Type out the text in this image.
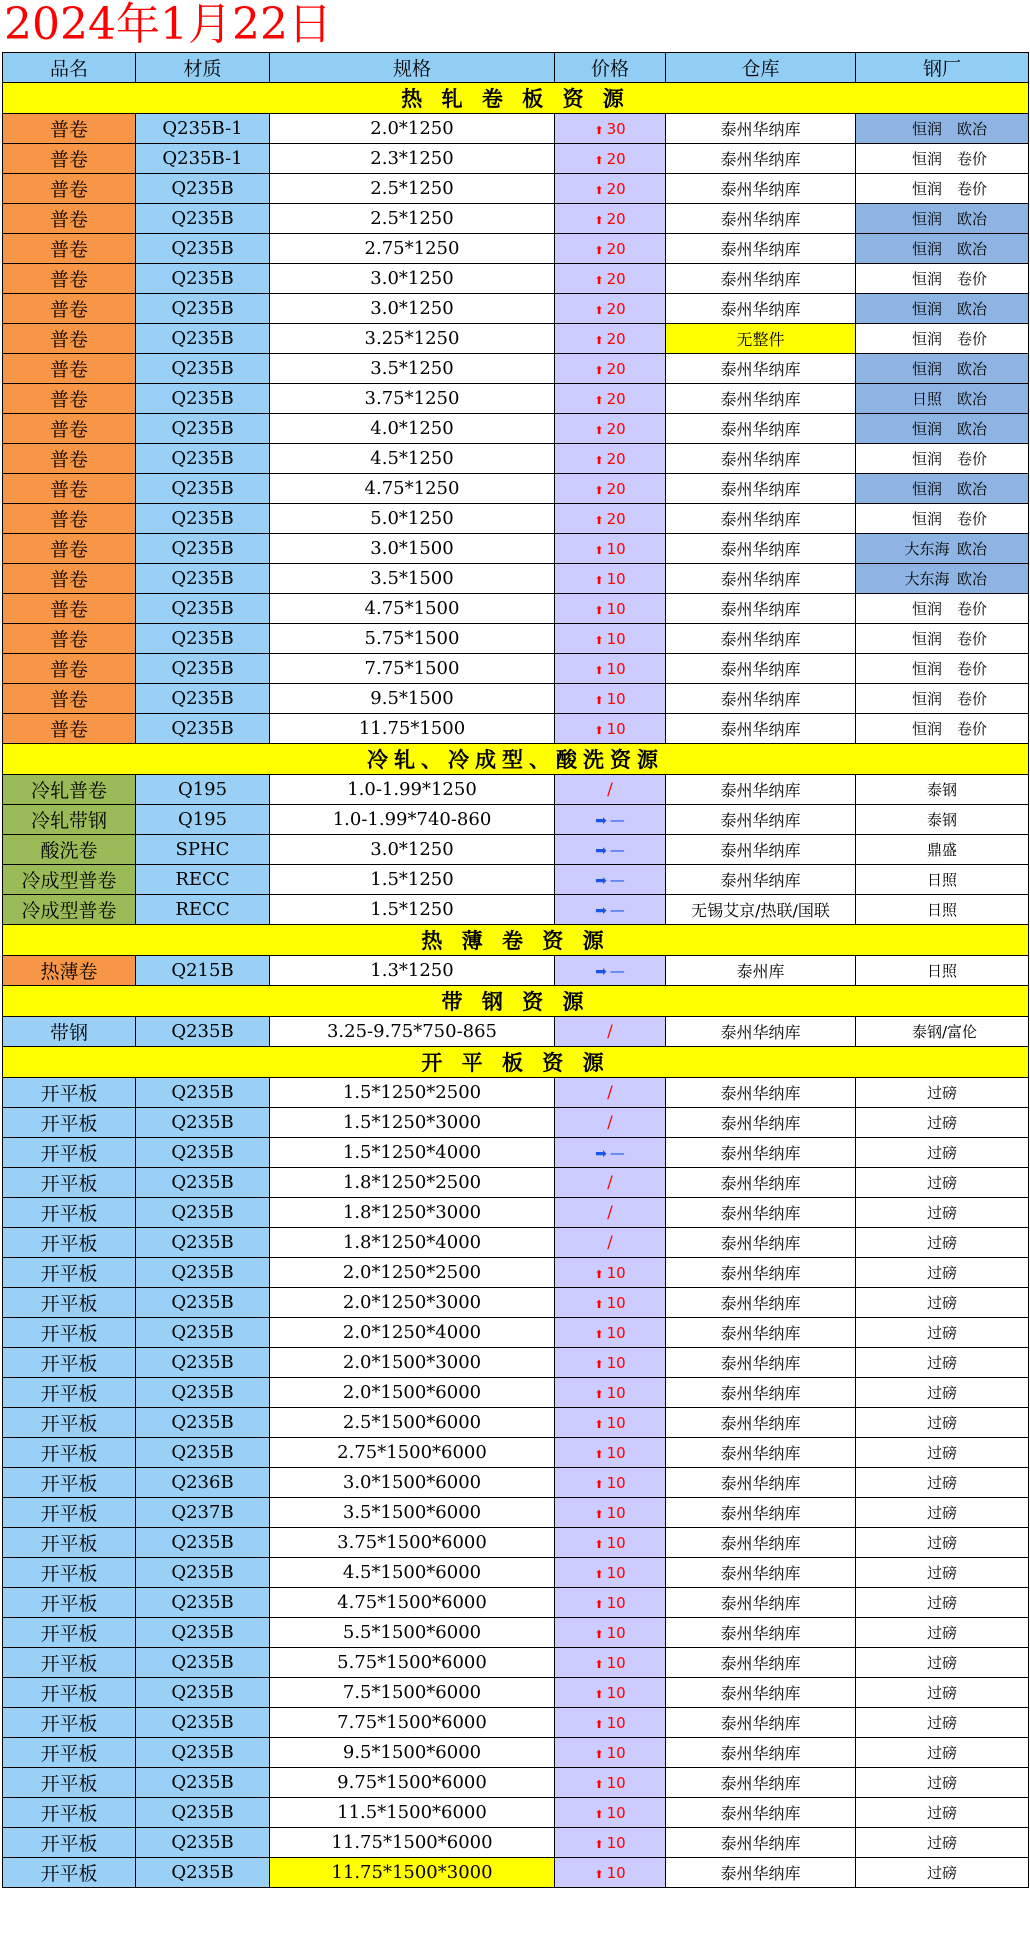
2024年1月22日
品名	材质	规格	价格	仓库	钢厂
热 轧 卷 板 资 源					
普卷	Q235B-1	2.0*1250	⬆ 30	泰州华纳库	恒润 欧冶
普卷	Q235B-1	2.3*1250	⬆ 20	泰州华纳库	恒润 卷价
普卷	Q235B	2.5*1250	⬆ 20	泰州华纳库	恒润 卷价
普卷	Q235B	2.5*1250	⬆ 20	泰州华纳库	恒润 欧冶
普卷	Q235B	2.75*1250	⬆ 20	泰州华纳库	恒润 欧冶
普卷	Q235B	3.0*1250	⬆ 20	泰州华纳库	恒润 卷价
普卷	Q235B	3.0*1250	⬆ 20	泰州华纳库	恒润 欧冶
普卷	Q235B	3.25*1250	⬆ 20	无整件	恒润 卷价
普卷	Q235B	3.5*1250	⬆ 20	泰州华纳库	恒润 欧冶
普卷	Q235B	3.75*1250	⬆ 20	泰州华纳库	日照 欧冶
普卷	Q235B	4.0*1250	⬆ 20	泰州华纳库	恒润 欧冶
普卷	Q235B	4.5*1250	⬆ 20	泰州华纳库	恒润 卷价
普卷	Q235B	4.75*1250	⬆ 20	泰州华纳库	恒润 欧冶
普卷	Q235B	5.0*1250	⬆ 20	泰州华纳库	恒润 卷价
普卷	Q235B	3.0*1500	⬆ 10	泰州华纳库	大东海 欧冶
普卷	Q235B	3.5*1500	⬆ 10	泰州华纳库	大东海 欧冶
普卷	Q235B	4.75*1500	⬆ 10	泰州华纳库	恒润 卷价
普卷	Q235B	5.75*1500	⬆ 10	泰州华纳库	恒润 卷价
普卷	Q235B	7.75*1500	⬆ 10	泰州华纳库	恒润 卷价
普卷	Q235B	9.5*1500	⬆ 10	泰州华纳库	恒润 卷价
普卷	Q235B	11.75*1500	⬆ 10	泰州华纳库	恒润 卷价
冷轧、冷成型、酸洗资源					
冷轧普卷	Q195	1.0-1.99*1250	/	泰州华纳库	泰钢
冷轧带钢	Q195	1.0-1.99*740-860	➡ —	泰州华纳库	泰钢
酸洗卷	SPHC	3.0*1250	➡ —	泰州华纳库	鼎盛
冷成型普卷	RECC	1.5*1250	➡ —	泰州华纳库	日照
冷成型普卷	RECC	1.5*1250	➡ —	无锡艾京/热联/国联	日照
热 薄 卷 资 源					
热薄卷	Q215B	1.3*1250	➡ —	泰州库	日照
带 钢 资 源					
带钢	Q235B	3.25-9.75*750-865	/	泰州华纳库	泰钢/富伦
开 平 板 资 源					
开平板	Q235B	1.5*1250*2500	/	泰州华纳库	过磅
开平板	Q235B	1.5*1250*3000	/	泰州华纳库	过磅
开平板	Q235B	1.5*1250*4000	➡ —	泰州华纳库	过磅
开平板	Q235B	1.8*1250*2500	/	泰州华纳库	过磅
开平板	Q235B	1.8*1250*3000	/	泰州华纳库	过磅
开平板	Q235B	1.8*1250*4000	/	泰州华纳库	过磅
开平板	Q235B	2.0*1250*2500	⬆ 10	泰州华纳库	过磅
开平板	Q235B	2.0*1250*3000	⬆ 10	泰州华纳库	过磅
开平板	Q235B	2.0*1250*4000	⬆ 10	泰州华纳库	过磅
开平板	Q235B	2.0*1500*3000	⬆ 10	泰州华纳库	过磅
开平板	Q235B	2.0*1500*6000	⬆ 10	泰州华纳库	过磅
开平板	Q235B	2.5*1500*6000	⬆ 10	泰州华纳库	过磅
开平板	Q235B	2.75*1500*6000	⬆ 10	泰州华纳库	过磅
开平板	Q236B	3.0*1500*6000	⬆ 10	泰州华纳库	过磅
开平板	Q237B	3.5*1500*6000	⬆ 10	泰州华纳库	过磅
开平板	Q235B	3.75*1500*6000	⬆ 10	泰州华纳库	过磅
开平板	Q235B	4.5*1500*6000	⬆ 10	泰州华纳库	过磅
开平板	Q235B	4.75*1500*6000	⬆ 10	泰州华纳库	过磅
开平板	Q235B	5.5*1500*6000	⬆ 10	泰州华纳库	过磅
开平板	Q235B	5.75*1500*6000	⬆ 10	泰州华纳库	过磅
开平板	Q235B	7.5*1500*6000	⬆ 10	泰州华纳库	过磅
开平板	Q235B	7.75*1500*6000	⬆ 10	泰州华纳库	过磅
开平板	Q235B	9.5*1500*6000	⬆ 10	泰州华纳库	过磅
开平板	Q235B	9.75*1500*6000	⬆ 10	泰州华纳库	过磅
开平板	Q235B	11.5*1500*6000	⬆ 10	泰州华纳库	过磅
开平板	Q235B	11.75*1500*6000	⬆ 10	泰州华纳库	过磅
开平板	Q235B	11.75*1500*3000	⬆ 10	泰州华纳库	过磅
